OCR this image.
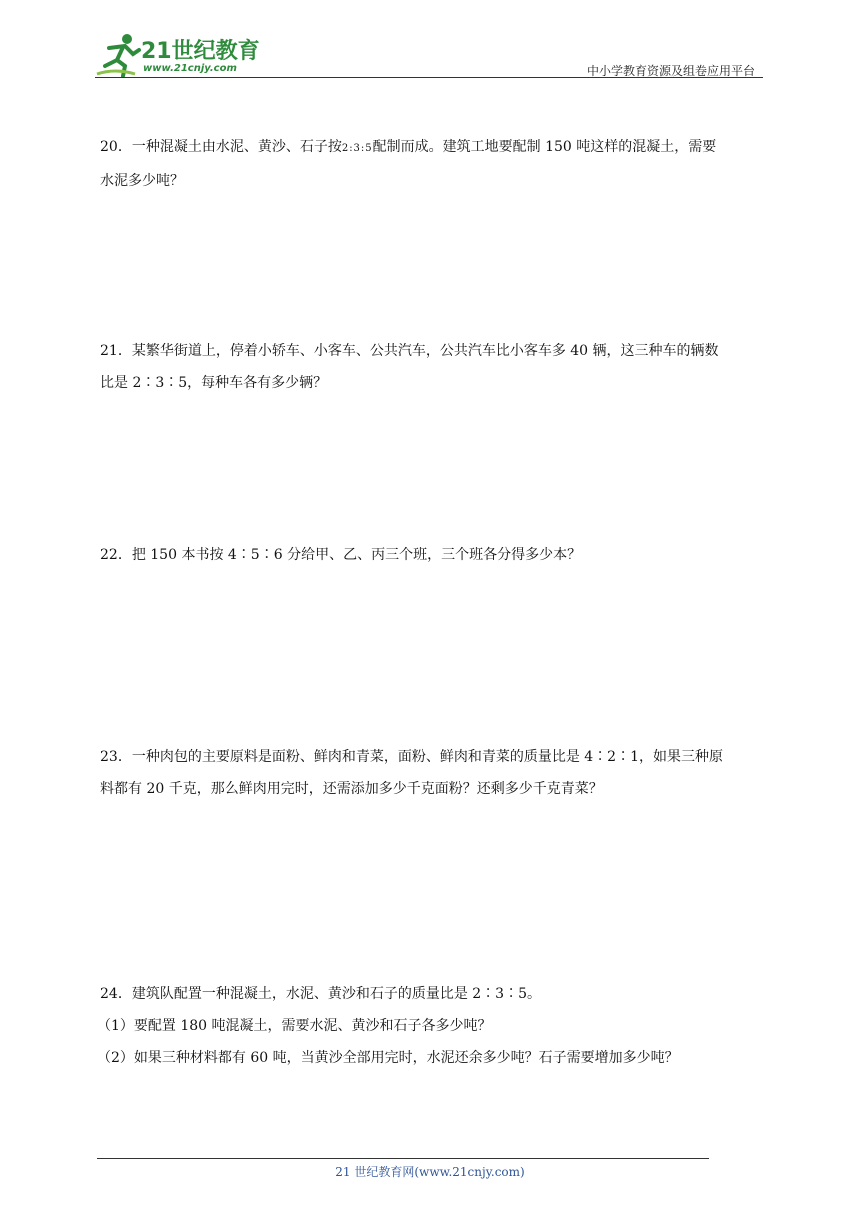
21世纪教育
www.21cnjy.com	中小学教育资源及组卷应用平台

20．一种混凝土由水泥、黄沙、石子按2:3:5配制而成。建筑工地要配制 150 吨这样的混凝土，需要

水泥多少吨？

21．某繁华街道上，停着小轿车、小客车、公共汽车，公共汽车比小客车多 40 辆，这三种车的辆数

比是 2∶3∶5，每种车各有多少辆？

22．把 150 本书按 4∶5∶6 分给甲、乙、丙三个班，三个班各分得多少本？

23．一种肉包的主要原料是面粉、鲜肉和青菜，面粉、鲜肉和青菜的质量比是 4∶2∶1，如果三种原

料都有 20 千克，那么鲜肉用完时，还需添加多少千克面粉？还剩多少千克青菜？

24．建筑队配置一种混凝土，水泥、黄沙和石子的质量比是 2∶3∶5。

（1）要配置 180 吨混凝土，需要水泥、黄沙和石子各多少吨？

（2）如果三种材料都有 60 吨，当黄沙全部用完时，水泥还余多少吨？石子需要增加多少吨？

21 世纪教育网(www.21cnjy.com)
